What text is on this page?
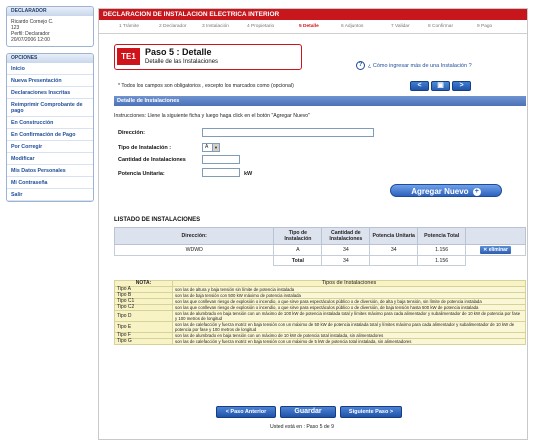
DECLARADOR
Ricardo Cornejo C.
123
Perfil: Declarador
20/07/2006 12:00
OPCIONES
Inicio
Nueva Presentación
Declaraciones Inscritas
Reimprimir Comprobante de pago
En Construcción
En Confirmación de Pago
Por Corregir
Modificar
Mis Datos Personales
Mi Contraseña
Salir
DECLARACION DE INSTALACION ELECTRICA INTERIOR
1 Trámite	2 Declarador	3 Instalación	4 Propietario	5 Detalle	6 Adjuntos	7 Validar	8 Confirmar	9 Pago
TE1	Paso 5 : Detalle
Detalle de las Instalaciones	? ¿ Cómo ingresar más de una Instalación ?
* Todos los campos son obligatorios , excepto los marcados como (opcional)	<	▣	>
Detalle de Instalaciones
Instrucciones: Llene la siguiente ficha y luego haga click en el botón "Agregar Nuevo"
Dirección:
Tipo de Instalación :	A	▼
Cantidad de Instalaciones
Potencia Unitaria:	kW
Agregar Nuevo +
LISTADO DE INSTALACIONES
Dirección:	Tipo de Instalación	Cantidad de Instalaciones	Potencia Unitaria	Potencia Total	
WDWD	A	34	34	1.156	✕ eliminar
	Total	34		1.156	
NOTA:	Tipos de Instalaciones
Tipo A	son las de altura y baja tensión sin límite de potencia instalada
Tipo B	son las de baja tensión con 500 kW máximo de potencia instalada
Tipo C1	son las que conllevan riesgo de explosión o incendio, o que sirve para espectáculos público o de diversión, de alta y baja tensión, sin límite de potencia instalada
Tipo C2	son las que conllevan riesgo de explosión o incendio, o que sirve para espectáculos público o de diversión, de baja tensión hasta 500 kW de potencia instalada
Tipo D	son las de alumbrado en baja tensión con un máximo de 100 kW de potencia instalada total y límites máximo para cada alimentador y subalimentador de 10 kW de potencia por fase y 100 metros de longitud
Tipo E	son las de calefacción y fuerza motriz en baja tensión con un máximo de 50 kW de potencia instalada total y límites máximo para cada alimentador y subalimentador de 10 kW de potencia por fase y 100 metros de longitud
Tipo F	son las de alumbrado en baja tensión con un máximo de 10 kW de potencia total instalada, sin alimentadores
Tipo G	son las de calefacción y fuerza motriz en baja tensión con un máximo de 5 kW de potencia total instalada, sin alimentadores
< Paso Anterior	Guardar	Siguiente Paso >
Usted está en : Paso 5 de 9
